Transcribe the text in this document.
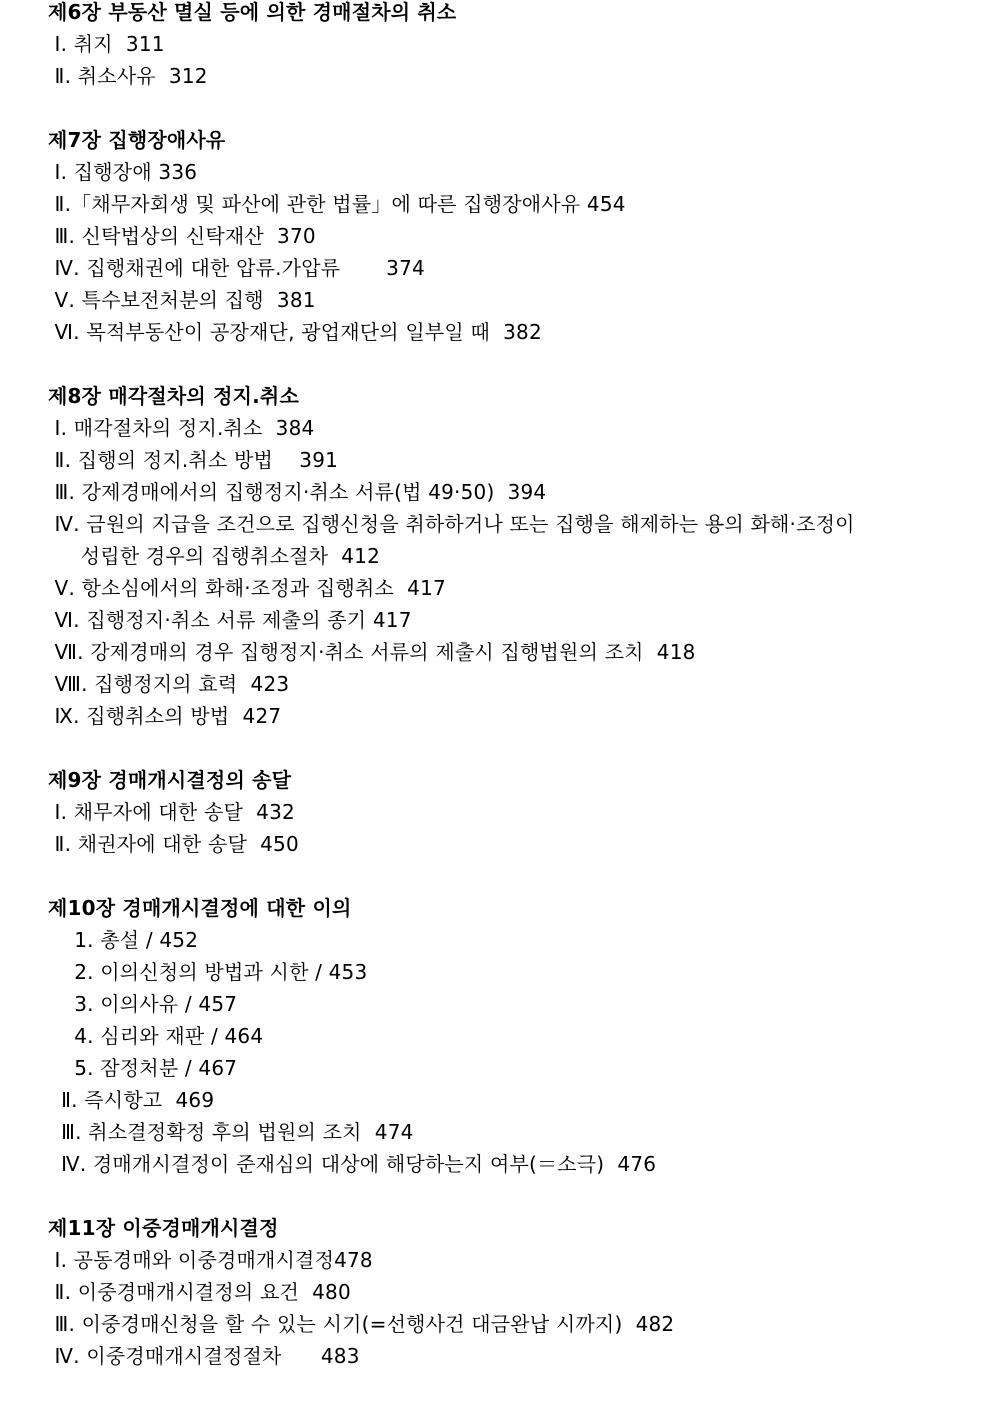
제6장 부동산 멸실 등에 의한 경매절차의 취소
Ⅰ. 취지  311
Ⅱ. 취소사유  312
제7장 집행장애사유
Ⅰ. 집행장애 336
Ⅱ.「채무자회생 및 파산에 관한 법률」에 따른 집행장애사유 454
Ⅲ. 신탁법상의 신탁재산  370
Ⅳ. 집행채권에 대한 압류.가압류       374
Ⅴ. 특수보전처분의 집행  381
Ⅵ. 목적부동산이 공장재단, 광업재단의 일부일 때  382
제8장 매각절차의 정지.취소
Ⅰ. 매각절차의 정지.취소  384
Ⅱ. 집행의 정지.취소 방법    391
Ⅲ. 강제경매에서의 집행정지·취소 서류(법 49·50)  394
Ⅳ. 금원의 지급을 조건으로 집행신청을 취하하거나 또는 집행을 해제하는 용의 화해·조정이
성립한 경우의 집행취소절차  412
Ⅴ. 항소심에서의 화해·조정과 집행취소  417
Ⅵ. 집행정지·취소 서류 제출의 종기 417
Ⅶ. 강제경매의 경우 집행정지·취소 서류의 제출시 집행법원의 조치  418
Ⅷ. 집행정지의 효력  423
Ⅸ. 집행취소의 방법  427
제9장 경매개시결정의 송달
Ⅰ. 채무자에 대한 송달  432
Ⅱ. 채권자에 대한 송달  450
제10장 경매개시결정에 대한 이의
1. 총설 / 452
2. 이의신청의 방법과 시한 / 453
3. 이의사유 / 457
4. 심리와 재판 / 464
5. 잠정처분 / 467
Ⅱ. 즉시항고  469
Ⅲ. 취소결정확정 후의 법원의 조치  474
Ⅳ. 경매개시결정이 준재심의 대상에 해당하는지 여부(＝소극)  476
제11장 이중경매개시결정
Ⅰ. 공동경매와 이중경매개시결정478
Ⅱ. 이중경매개시결정의 요건  480
Ⅲ. 이중경매신청을 할 수 있는 시기(=선행사건 대금완납 시까지)  482
Ⅳ. 이중경매개시결정절차      483
